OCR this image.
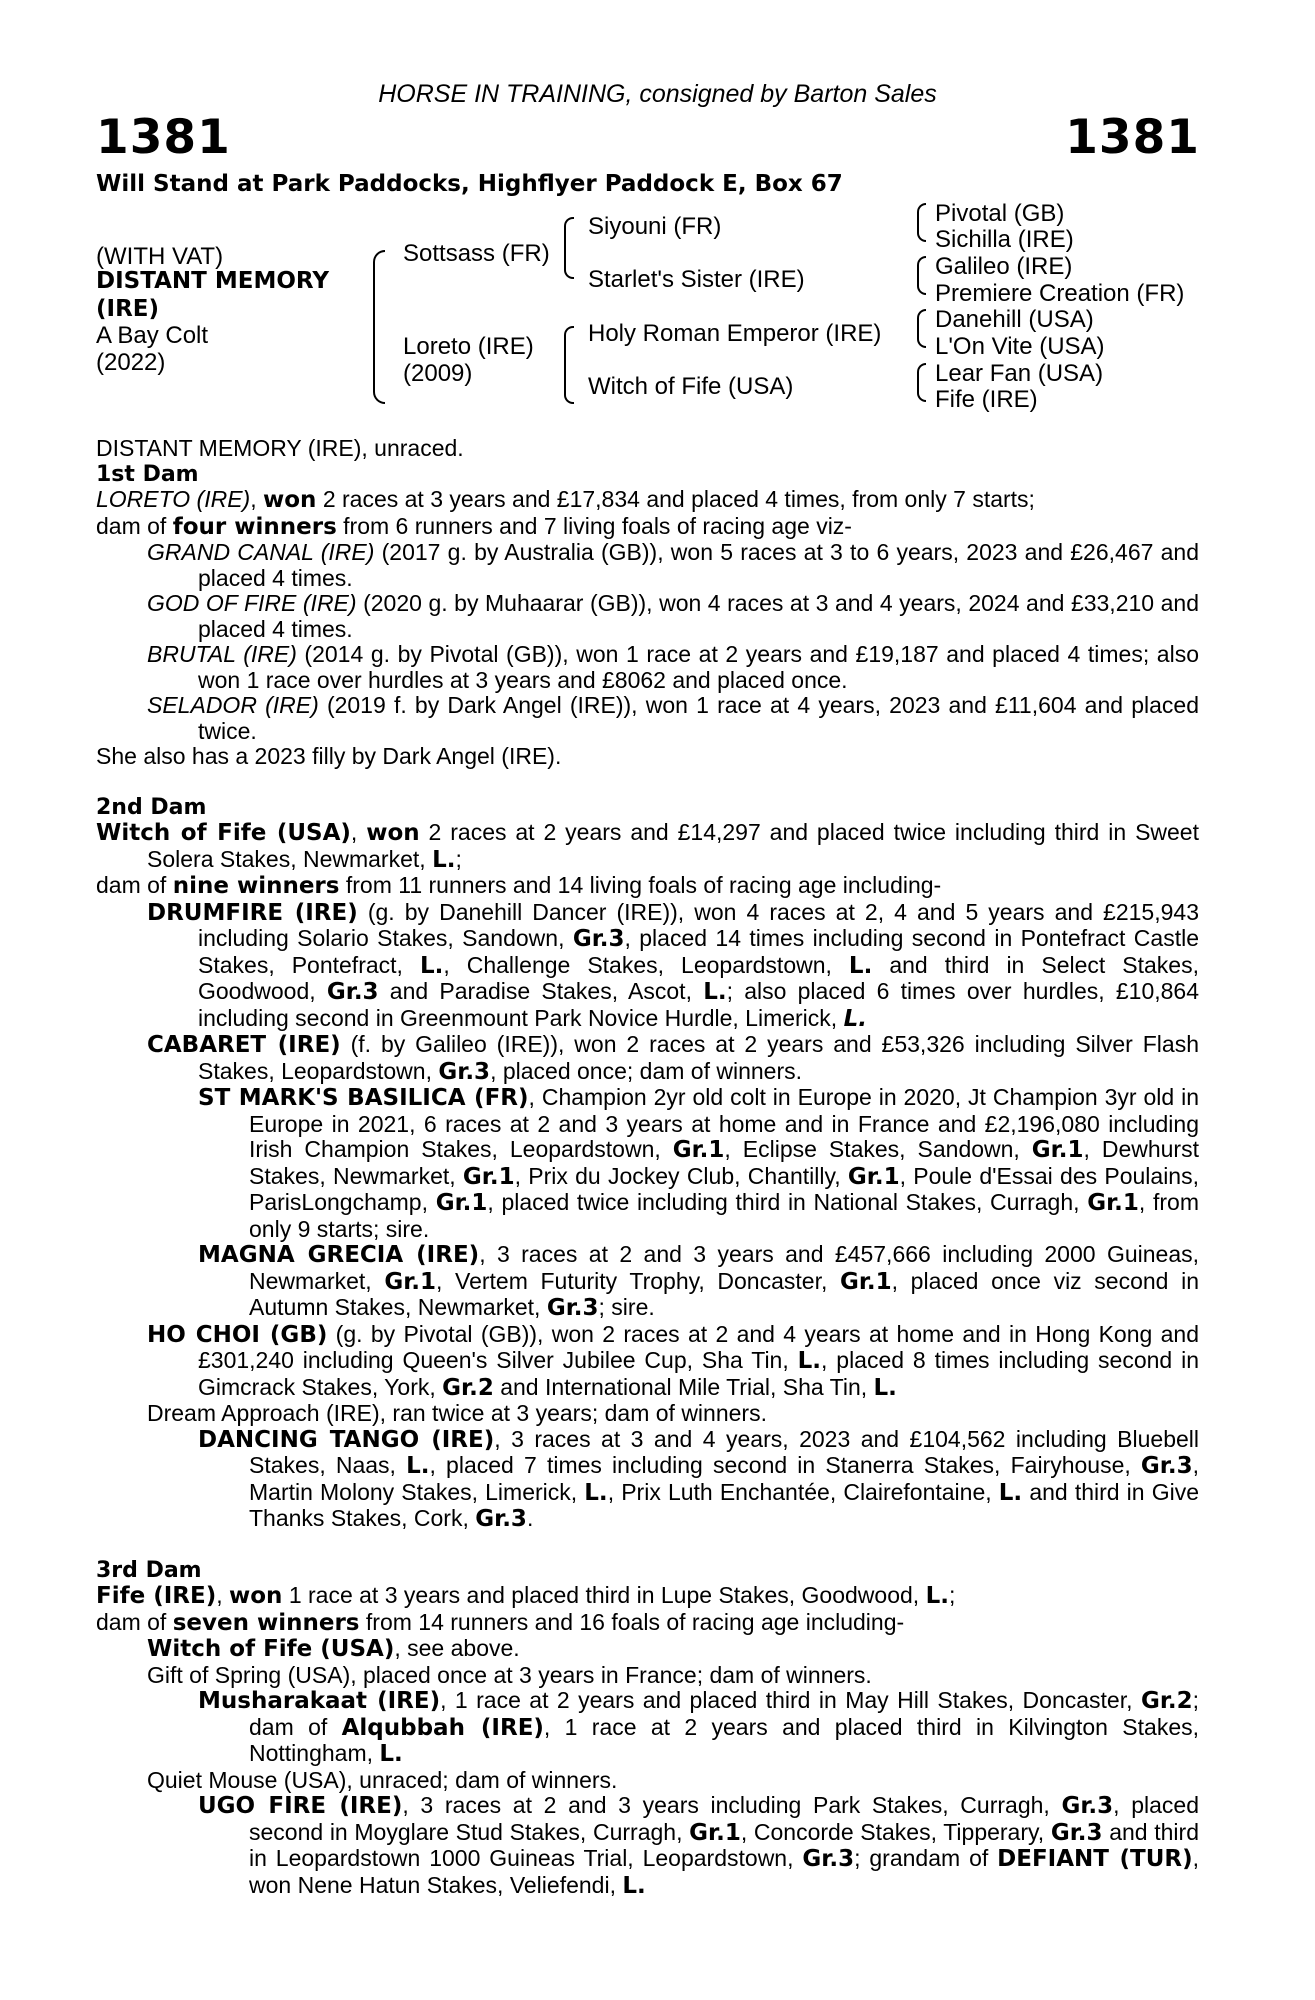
HORSE IN TRAINING, consigned by Barton Sales
1381	1381
Will Stand at Park Paddocks, Highflyer Paddock E, Box 67
(WITH VAT)
DISTANT MEMORY
(IRE)
A Bay Colt
(2022)
Sottsass (FR)
Loreto (IRE)
(2009)
Siyouni (FR)
Starlet's Sister (IRE)
Holy Roman Emperor (IRE)
Witch of Fife (USA)
Pivotal (GB)
Sichilla (IRE)
Galileo (IRE)
Premiere Creation (FR)
Danehill (USA)
L'On Vite (USA)
Lear Fan (USA)
Fife (IRE)

DISTANT MEMORY (IRE), unraced.

1st Dam

LORETO (IRE), won 2 races at 3 years and £17,834 and placed 4 times, from only 7 starts;

dam of four winners from 6 runners and 7 living foals of racing age viz-

GRAND CANAL (IRE) (2017 g. by Australia (GB)), won 5 races at 3 to 6 years, 2023 and £26,467 and placed 4 times.

GOD OF FIRE (IRE) (2020 g. by Muhaarar (GB)), won 4 races at 3 and 4 years, 2024 and £33,210 and placed 4 times.

BRUTAL (IRE) (2014 g. by Pivotal (GB)), won 1 race at 2 years and £19,187 and placed 4 times; also won 1 race over hurdles at 3 years and £8062 and placed once.

SELADOR (IRE) (2019 f. by Dark Angel (IRE)), won 1 race at 4 years, 2023 and £11,604 and placed twice.

She also has a 2023 filly by Dark Angel (IRE).

2nd Dam

Witch of Fife (USA), won 2 races at 2 years and £14,297 and placed twice including third in Sweet Solera Stakes, Newmarket, L.;

dam of nine winners from 11 runners and 14 living foals of racing age including-

DRUMFIRE (IRE) (g. by Danehill Dancer (IRE)), won 4 races at 2, 4 and 5 years and £215,943 including Solario Stakes, Sandown, Gr.3, placed 14 times including second in Pontefract Castle Stakes, Pontefract, L., Challenge Stakes, Leopardstown, L. and third in Select Stakes, Goodwood, Gr.3 and Paradise Stakes, Ascot, L.; also placed 6 times over hurdles, £10,864 including second in Greenmount Park Novice Hurdle, Limerick, L.

CABARET (IRE) (f. by Galileo (IRE)), won 2 races at 2 years and £53,326 including Silver Flash Stakes, Leopardstown, Gr.3, placed once; dam of winners.

ST MARK'S BASILICA (FR), Champion 2yr old colt in Europe in 2020, Jt Champion 3yr old in Europe in 2021, 6 races at 2 and 3 years at home and in France and £2,196,080 including Irish Champion Stakes, Leopardstown, Gr.1, Eclipse Stakes, Sandown, Gr.1, Dewhurst Stakes, Newmarket, Gr.1, Prix du Jockey Club, Chantilly, Gr.1, Poule d'Essai des Poulains, ParisLongchamp, Gr.1, placed twice including third in National Stakes, Curragh, Gr.1, from only 9 starts; sire.

MAGNA GRECIA (IRE), 3 races at 2 and 3 years and £457,666 including 2000 Guineas, Newmarket, Gr.1, Vertem Futurity Trophy, Doncaster, Gr.1, placed once viz second in Autumn Stakes, Newmarket, Gr.3; sire.

HO CHOI (GB) (g. by Pivotal (GB)), won 2 races at 2 and 4 years at home and in Hong Kong and £301,240 including Queen's Silver Jubilee Cup, Sha Tin, L., placed 8 times including second in Gimcrack Stakes, York, Gr.2 and International Mile Trial, Sha Tin, L.

Dream Approach (IRE), ran twice at 3 years; dam of winners.

DANCING TANGO (IRE), 3 races at 3 and 4 years, 2023 and £104,562 including Bluebell Stakes, Naas, L., placed 7 times including second in Stanerra Stakes, Fairyhouse, Gr.3, Martin Molony Stakes, Limerick, L., Prix Luth Enchantée, Clairefontaine, L. and third in Give Thanks Stakes, Cork, Gr.3.

3rd Dam

Fife (IRE), won 1 race at 3 years and placed third in Lupe Stakes, Goodwood, L.;

dam of seven winners from 14 runners and 16 foals of racing age including-

Witch of Fife (USA), see above.

Gift of Spring (USA), placed once at 3 years in France; dam of winners.

Musharakaat (IRE), 1 race at 2 years and placed third in May Hill Stakes, Doncaster, Gr.2; dam of Alqubbah (IRE), 1 race at 2 years and placed third in Kilvington Stakes, Nottingham, L.

Quiet Mouse (USA), unraced; dam of winners.

UGO FIRE (IRE), 3 races at 2 and 3 years including Park Stakes, Curragh, Gr.3, placed second in Moyglare Stud Stakes, Curragh, Gr.1, Concorde Stakes, Tipperary, Gr.3 and third in Leopardstown 1000 Guineas Trial, Leopardstown, Gr.3; grandam of DEFIANT (TUR), won Nene Hatun Stakes, Veliefendi, L.
